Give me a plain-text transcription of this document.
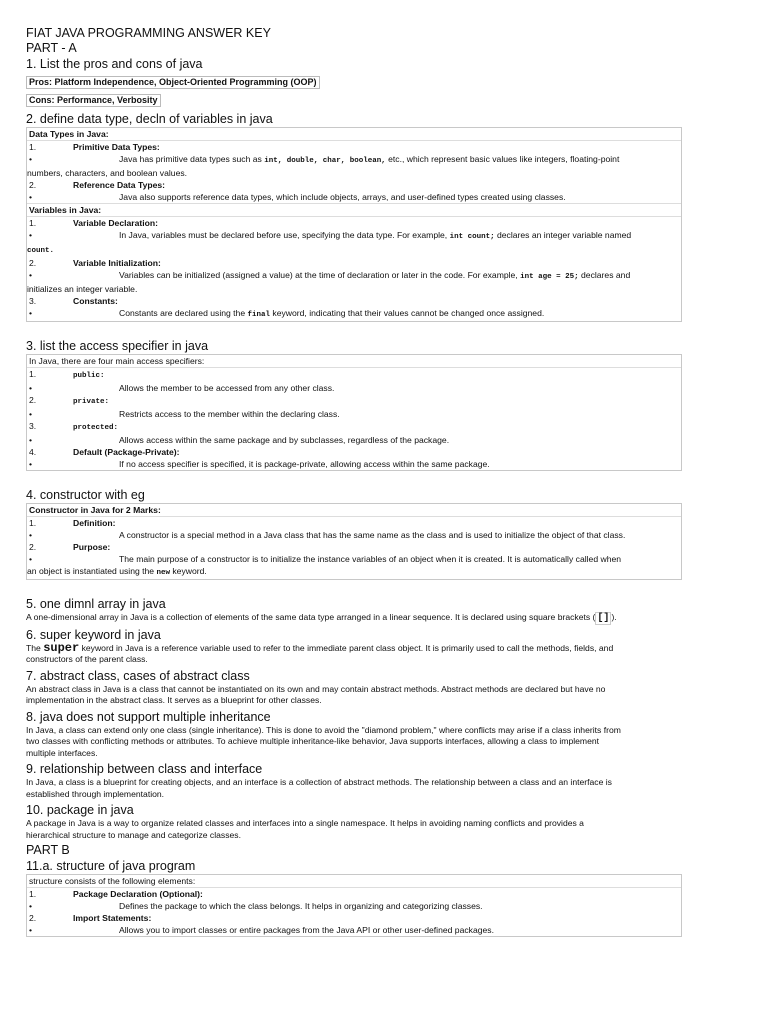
FIAT JAVA PROGRAMMING ANSWER KEY

PART - A

1. List the pros and cons of java

Pros: Platform Independence, Object-Oriented Programming (OOP)
Cons: Performance, Verbosity

2. define data type, decln of variables in java

Data Types in Java:
1.	Primitive Data Types:
•	Java has primitive data types such as int, double, char, boolean, etc., which represent basic values like integers, floating-point
numbers, characters, and boolean values.
2.	Reference Data Types:
•	Java also supports reference data types, which include objects, arrays, and user-defined types created using classes.
Variables in Java:
1.	Variable Declaration:
•	In Java, variables must be declared before use, specifying the data type. For example, int count; declares an integer variable named
count.
2.	Variable Initialization:
•	Variables can be initialized (assigned a value) at the time of declaration or later in the code. For example, int age = 25; declares and
initializes an integer variable.
3.	Constants:
•	Constants are declared using the final keyword, indicating that their values cannot be changed once assigned.

3. list the access specifier in java

In Java, there are four main access specifiers:
1.	public:
•	Allows the member to be accessed from any other class.
2.	private:
•	Restricts access to the member within the declaring class.
3.	protected:
•	Allows access within the same package and by subclasses, regardless of the package.
4.	Default (Package-Private):
•	If no access specifier is specified, it is package-private, allowing access within the same package.

4. constructor with eg

Constructor in Java for 2 Marks:
1.	Definition:
•	A constructor is a special method in a Java class that has the same name as the class and is used to initialize the object of that class.
2.	Purpose:
•	The main purpose of a constructor is to initialize the instance variables of an object when it is created. It is automatically called when
an object is instantiated using the new keyword.

5. one dimnl array in java

A one-dimensional array in Java is a collection of elements of the same data type arranged in a linear sequence. It is declared using square brackets ( [] ).

6. super keyword in java

The super keyword in Java is a reference variable used to refer to the immediate parent class object. It is primarily used to call the methods, fields, and
constructors of the parent class.

7. abstract class, cases of abstract class

An abstract class in Java is a class that cannot be instantiated on its own and may contain abstract methods. Abstract methods are declared but have no
implementation in the abstract class. It serves as a blueprint for other classes.

8. java does not support multiple inheritance

In Java, a class can extend only one class (single inheritance). This is done to avoid the "diamond problem," where conflicts may arise if a class inherits from
two classes with conflicting methods or attributes. To achieve multiple inheritance-like behavior, Java supports interfaces, allowing a class to implement
multiple interfaces.

9. relationship between class and interface

In Java, a class is a blueprint for creating objects, and an interface is a collection of abstract methods. The relationship between a class and an interface is
established through implementation.

10. package in java

A package in Java is a way to organize related classes and interfaces into a single namespace. It helps in avoiding naming conflicts and provides a
hierarchical structure to manage and categorize classes.

PART B

11.a. structure of java program

structure consists of the following elements:
1.	Package Declaration (Optional):
•	Defines the package to which the class belongs. It helps in organizing and categorizing classes.
2.	Import Statements:
•	Allows you to import classes or entire packages from the Java API or other user-defined packages.
